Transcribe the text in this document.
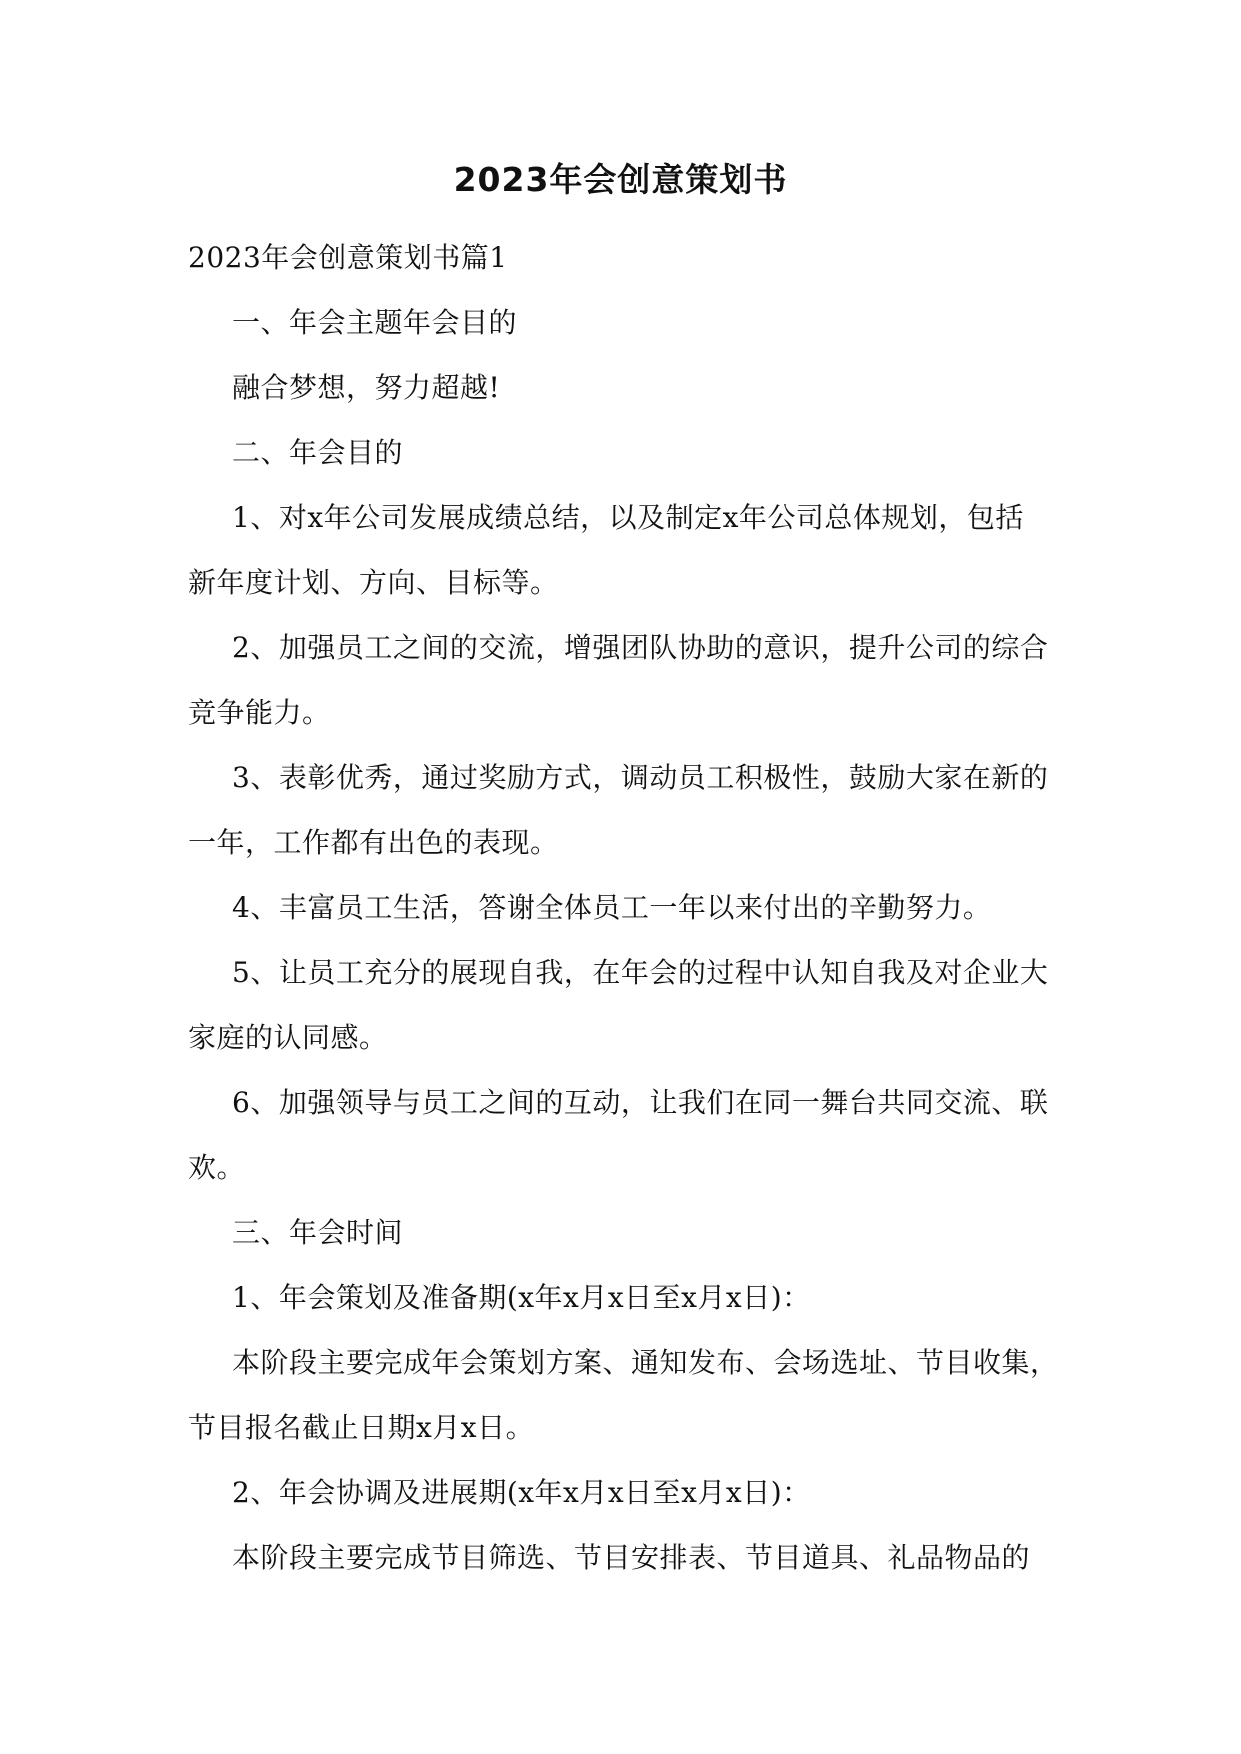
2023年会创意策划书

2023年会创意策划书篇1

一、年会主题年会目的

融合梦想，努力超越!

二、年会目的

1、对x年公司发展成绩总结，以及制定x年公司总体规划，包括

新年度计划、方向、目标等。

2、加强员工之间的交流，增强团队协助的意识，提升公司的综合

竞争能力。

3、表彰优秀，通过奖励方式，调动员工积极性，鼓励大家在新的

一年，工作都有出色的表现。

4、丰富员工生活，答谢全体员工一年以来付出的辛勤努力。

5、让员工充分的展现自我，在年会的过程中认知自我及对企业大

家庭的认同感。

6、加强领导与员工之间的互动，让我们在同一舞台共同交流、联

欢。

三、年会时间

1、年会策划及准备期(x年x月x日至x月x日)：

本阶段主要完成年会策划方案、通知发布、会场选址、节目收集，

节目报名截止日期x月x日。

2、年会协调及进展期(x年x月x日至x月x日)：

本阶段主要完成节目筛选、节目安排表、节目道具、礼品物品的
